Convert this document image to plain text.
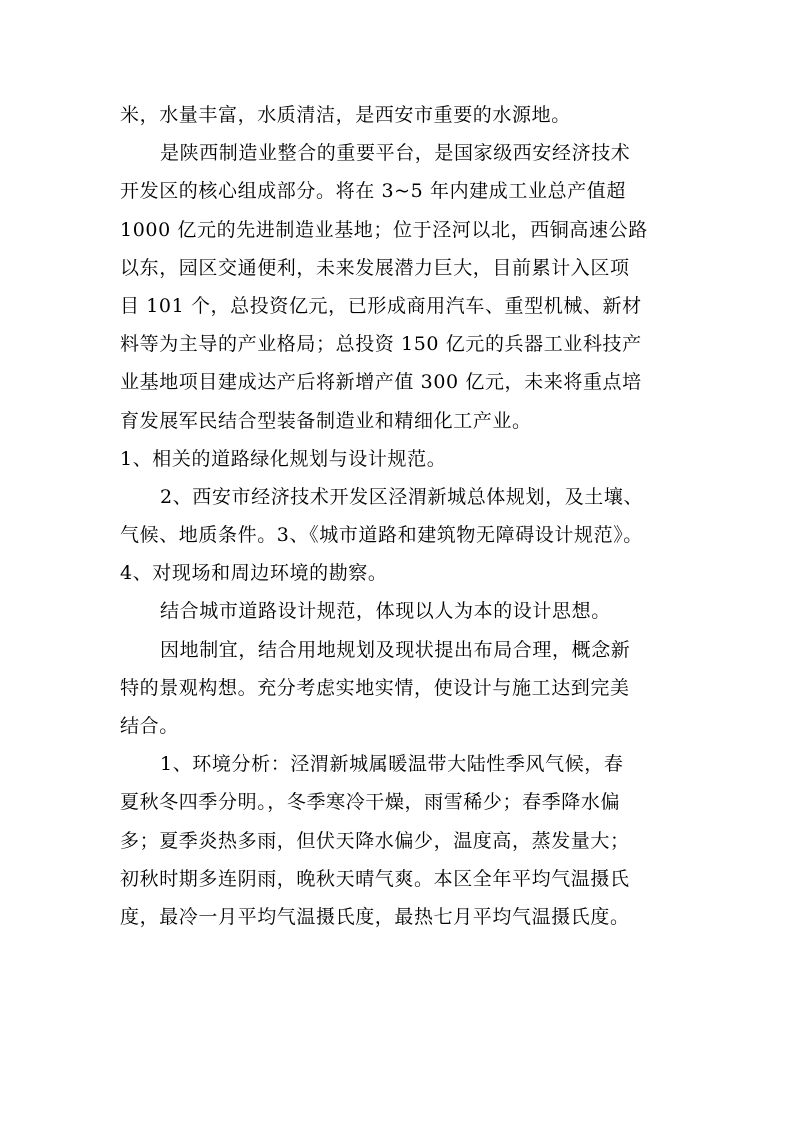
米，水量丰富，水质清洁，是西安市重要的水源地。
是陕西制造业整合的重要平台，是国家级西安经济技术
开发区的核心组成部分。将在 3~5 年内建成工业总产值超
1000 亿元的先进制造业基地；位于泾河以北，西铜高速公路
以东，园区交通便利，未来发展潜力巨大，目前累计入区项
目 101 个，总投资亿元，已形成商用汽车、重型机械、新材
料等为主导的产业格局；总投资 150 亿元的兵器工业科技产
业基地项目建成达产后将新增产值 300 亿元，未来将重点培
育发展军民结合型装备制造业和精细化工产业。
1、相关的道路绿化规划与设计规范。
2、西安市经济技术开发区泾渭新城总体规划，及土壤、
气候、地质条件。3、《城市道路和建筑物无障碍设计规范》。
4、对现场和周边环境的勘察。
结合城市道路设计规范，体现以人为本的设计思想。
因地制宜，结合用地规划及现状提出布局合理，概念新
特的景观构想。充分考虑实地实情，使设计与施工达到完美
结合。
1、环境分析：泾渭新城属暖温带大陆性季风气候，春
夏秋冬四季分明。，冬季寒冷干燥，雨雪稀少；春季降水偏
多；夏季炎热多雨，但伏天降水偏少，温度高，蒸发量大；
初秋时期多连阴雨，晚秋天晴气爽。本区全年平均气温摄氏
度，最冷一月平均气温摄氏度，最热七月平均气温摄氏度。
